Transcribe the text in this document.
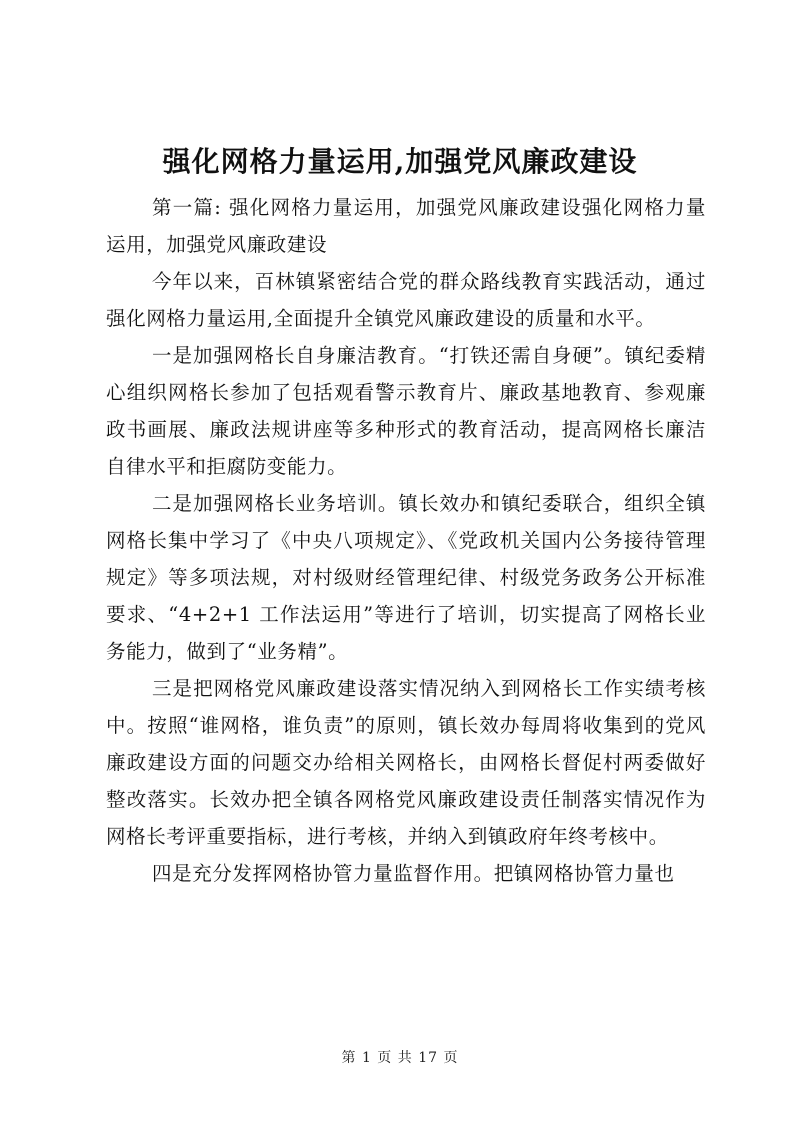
强化网格力量运用,加强党风廉政建设

第一篇: 强化网格力量运用，加强党风廉政建设强化网格力量运用，加强党风廉政建设

今年以来，百林镇紧密结合党的群众路线教育实践活动，通过强化网格力量运用,全面提升全镇党风廉政建设的质量和水平。

一是加强网格长自身廉洁教育。“打铁还需自身硬”。镇纪委精心组织网格长参加了包括观看警示教育片、廉政基地教育、参观廉政书画展、廉政法规讲座等多种形式的教育活动，提高网格长廉洁自律水平和拒腐防变能力。

二是加强网格长业务培训。镇长效办和镇纪委联合，组织全镇网格长集中学习了《中央八项规定》、《党政机关国内公务接待管理规定》等多项法规，对村级财经管理纪律、村级党务政务公开标准要求、“4+2+1 工作法运用”等进行了培训，切实提高了网格长业务能力，做到了“业务精”。

三是把网格党风廉政建设落实情况纳入到网格长工作实绩考核中。按照“谁网格，谁负责”的原则，镇长效办每周将收集到的党风廉政建设方面的问题交办给相关网格长，由网格长督促村两委做好整改落实。长效办把全镇各网格党风廉政建设责任制落实情况作为网格长考评重要指标，进行考核，并纳入到镇政府年终考核中。

四是充分发挥网格协管力量监督作用。把镇网格协管力量也

第 1 页 共 17 页
